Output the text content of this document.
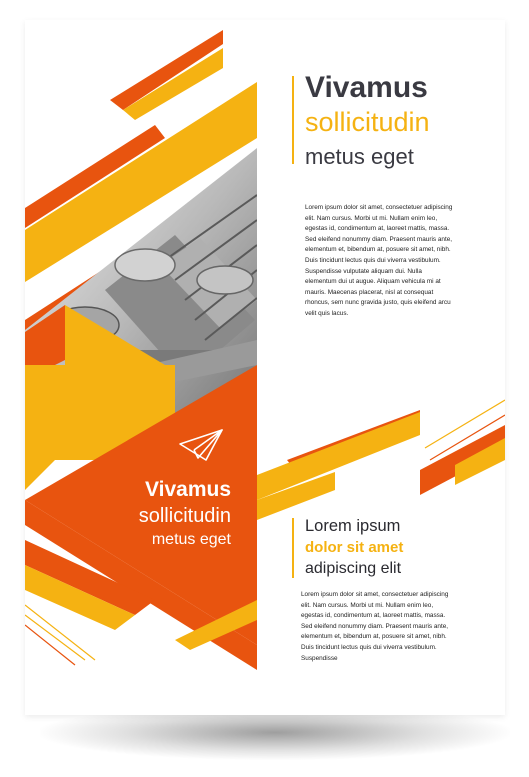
Vivamus

sollicitudin

metus eget

Lorem ipsum dolor sit amet, consectetuer adipiscing elit. Nam cursus. Morbi ut mi. Nullam enim leo, egestas id, condimentum at, laoreet mattis, massa. Sed eleifend nonummy diam. Praesent mauris ante, elementum et, bibendum at, posuere sit amet, nibh. Duis tincidunt lectus quis dui viverra vestibulum. Suspendisse vulputate aliquam dui. Nulla elementum dui ut augue. Aliquam vehicula mi at mauris. Maecenas placerat, nisl at consequat rhoncus, sem nunc gravida justo, quis eleifend arcu velit quis lacus.

Vivamus

sollicitudin

metus eget

Lorem ipsum

dolor sit amet

adipiscing elit

Lorem ipsum dolor sit amet, consectetuer adipiscing elit. Nam cursus. Morbi ut mi. Nullam enim leo, egestas id, condimentum at, laoreet mattis, massa. Sed eleifend nonummy diam. Praesent mauris ante, elementum et, bibendum at, posuere sit amet, nibh. Duis tincidunt lectus quis dui viverra vestibulum. Suspendisse
